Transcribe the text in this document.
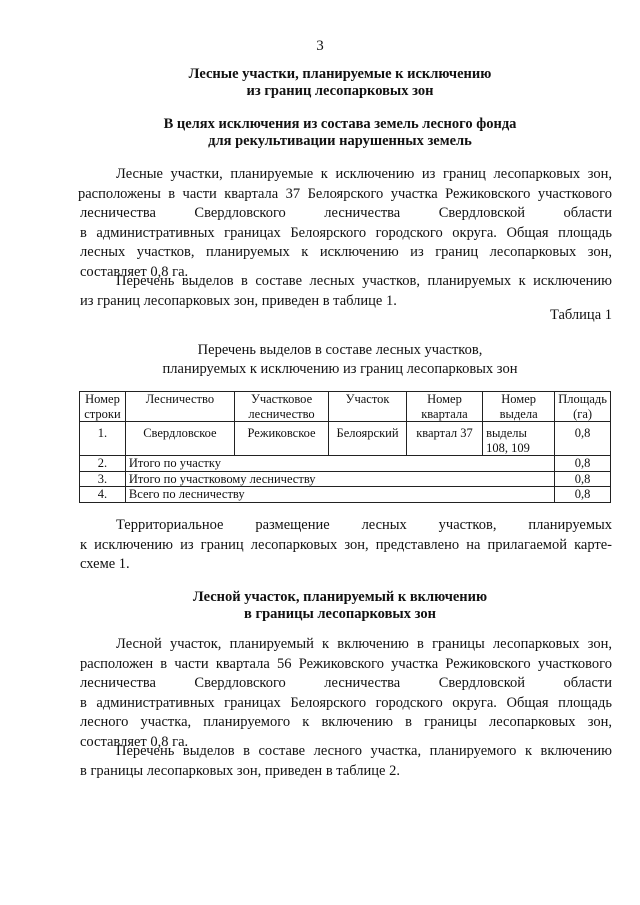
3
Лесные участки, планируемые к исключению
из границ лесопарковых зон
В целях исключения из состава земель лесного фонда
для рекультивации нарушенных земель
Лесные участки, планируемые к исключению из границ лесопарковых зон,
расположены в части квартала 37 Белоярского участка Режиковского участкового
лесничества Свердловского лесничества Свердловской области
в административных границах Белоярского городского округа. Общая площадь
лесных участков, планируемых к исключению из границ лесопарковых зон,
составляет 0,8 га.
Перечень выделов в составе лесных участков, планируемых к исключению
из границ лесопарковых зон, приведен в таблице 1.
Таблица 1
Перечень выделов в составе лесных участков,
планируемых к исключению из границ лесопарковых зон
Номер строки	Лесничество	Участковое лесничество	Участок	Номер квартала	Номер выдела	Площадь (га)
1.	Свердловское	Режиковское	Белоярский	квартал 37	выделы 108, 109	0,8
2.	Итого по участку					0,8
3.	Итого по участковому лесничеству					0,8
4.	Всего по лесничеству					0,8
Территориальное размещение лесных участков, планируемых
к исключению из границ лесопарковых зон, представлено на прилагаемой карте-
схеме 1.
Лесной участок, планируемый к включению
в границы лесопарковых зон
Лесной участок, планируемый к включению в границы лесопарковых зон,
расположен в части квартала 56 Режиковского участка Режиковского участкового
лесничества Свердловского лесничества Свердловской области
в административных границах Белоярского городского округа. Общая площадь
лесного участка, планируемого к включению в границы лесопарковых зон,
составляет 0,8 га.
Перечень выделов в составе лесного участка, планируемого к включению
в границы лесопарковых зон, приведен в таблице 2.
